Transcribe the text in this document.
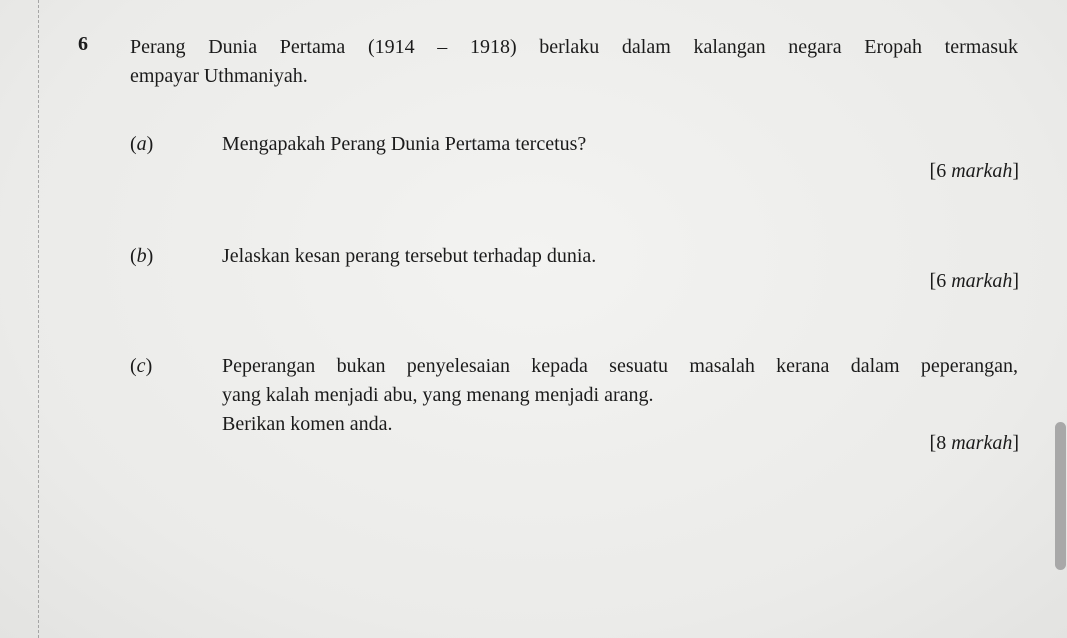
6 Perang Dunia Pertama (1914 – 1918) berlaku dalam kalangan negara Eropah termasuk
empayar Uthmaniyah.
(a)	Mengapakah Perang Dunia Pertama tercetus?
[6 markah]
(b)	Jelaskan kesan perang tersebut terhadap dunia.
[6 markah]
(c)	Peperangan bukan penyelesaian kepada sesuatu masalah kerana dalam peperangan,
yang kalah menjadi abu, yang menang menjadi arang.
Berikan komen anda.
[8 markah]
